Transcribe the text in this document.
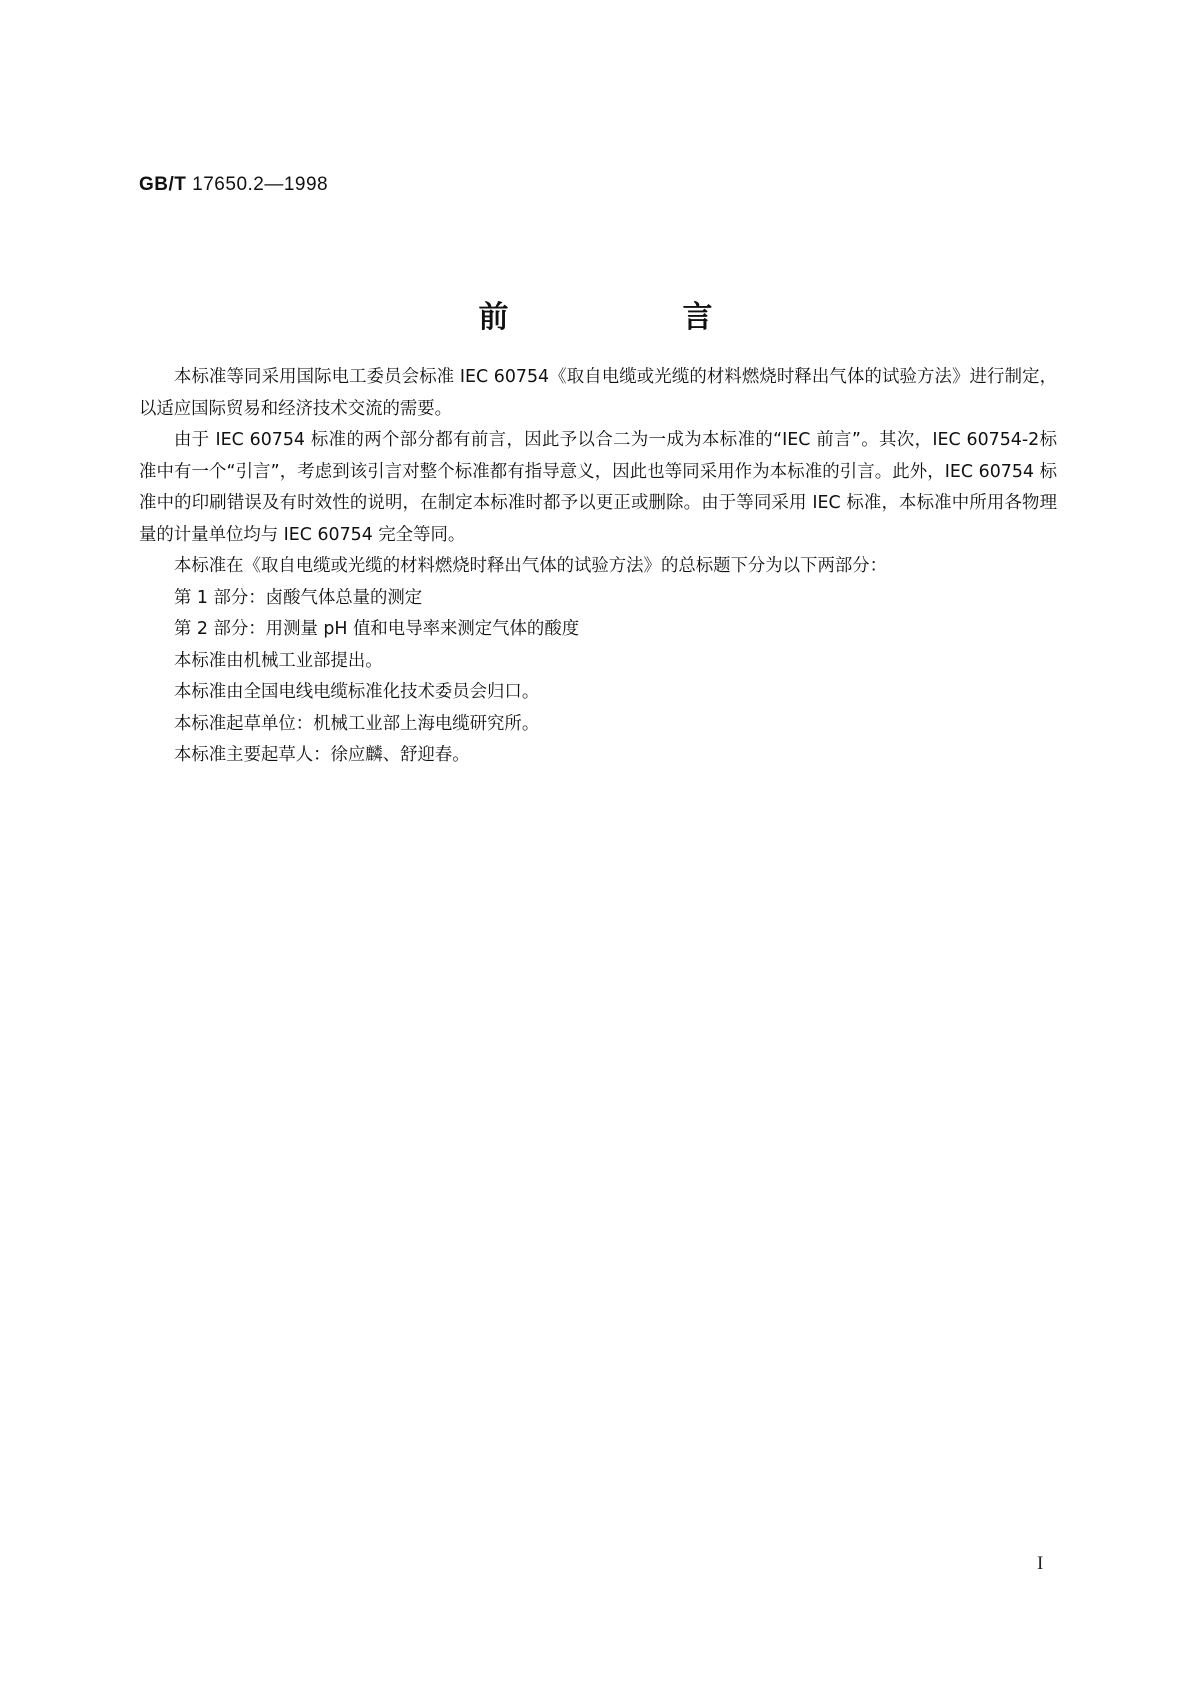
GB/T 17650.2—1998
前　言

本标准等同采用国际电工委员会标准 IEC 60754《取自电缆或光缆的材料燃烧时释出气体的试验方法》进行制定，以适应国际贸易和经济技术交流的需要。

由于 IEC 60754 标准的两个部分都有前言，因此予以合二为一成为本标准的“IEC 前言”。其次，IEC 60754-2标准中有一个“引言”，考虑到该引言对整个标准都有指导意义，因此也等同采用作为本标准的引言。此外，IEC 60754 标准中的印刷错误及有时效性的说明，在制定本标准时都予以更正或删除。由于等同采用 IEC 标准，本标准中所用各物理量的计量单位均与 IEC 60754 完全等同。

本标准在《取自电缆或光缆的材料燃烧时释出气体的试验方法》的总标题下分为以下两部分：

第 1 部分：卤酸气体总量的测定

第 2 部分：用测量 pH 值和电导率来测定气体的酸度

本标准由机械工业部提出。

本标准由全国电线电缆标准化技术委员会归口。

本标准起草单位：机械工业部上海电缆研究所。

本标准主要起草人：徐应麟、舒迎春。

I
